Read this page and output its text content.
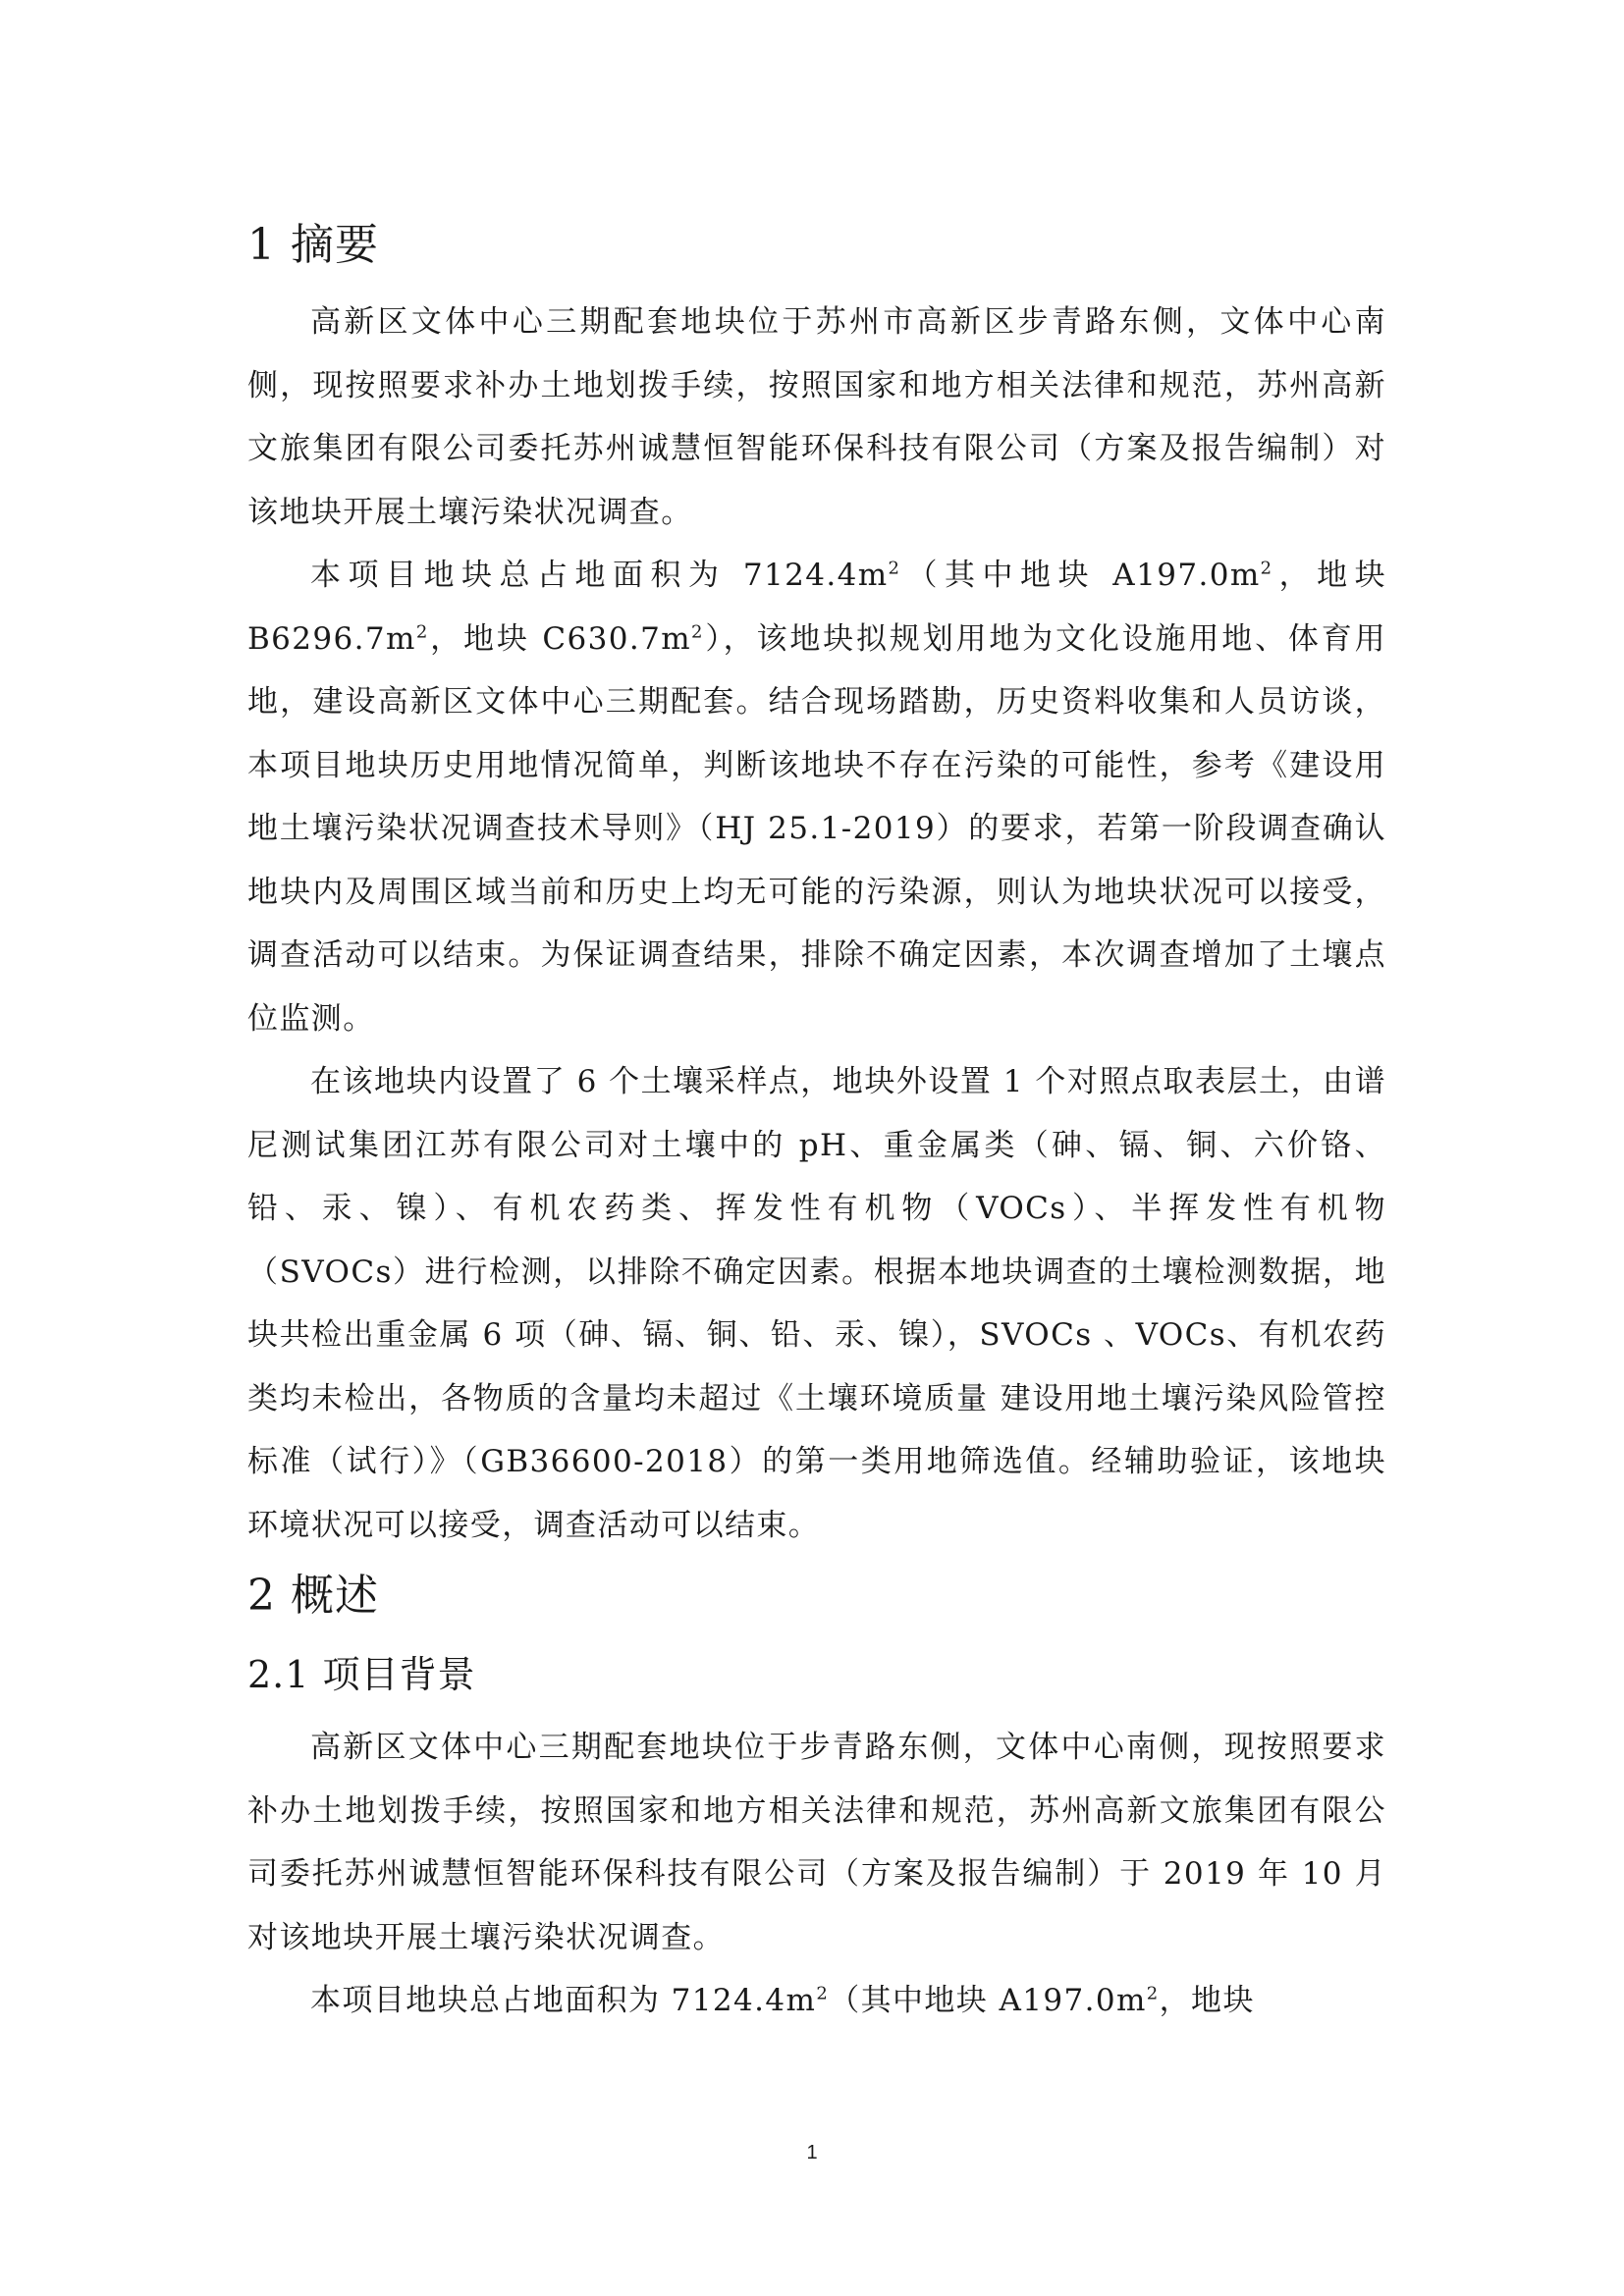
1 摘要

高新区文体中心三期配套地块位于苏州市高新区步青路东侧，文体中心南侧，现按照要求补办土地划拨手续，按照国家和地方相关法律和规范，苏州高新文旅集团有限公司委托苏州诚慧恒智能环保科技有限公司（方案及报告编制）对该地块开展土壤污染状况调查。

本项目地块总占地面积为 $7124.4m^2$（其中地块 $A197.0m^2$，地块 $B6296.7m^2$，地块 $C630.7m^2$），该地块拟规划用地为文化设施用地、体育用地，建设高新区文体中心三期配套。结合现场踏勘，历史资料收集和人员访谈，本项目地块历史用地情况简单，判断该地块不存在污染的可能性，参考《建设用地土壤污染状况调查技术导则》（HJ 25.1-2019）的要求，若第一阶段调查确认地块内及周围区域当前和历史上均无可能的污染源，则认为地块状况可以接受，调查活动可以结束。为保证调查结果，排除不确定因素，本次调查增加了土壤点位监测。

在该地块内设置了 6 个土壤采样点，地块外设置 1 个对照点取表层土，由谱尼测试集团江苏有限公司对土壤中的 pH、重金属类（砷、镉、铜、六价铬、铅、汞、镍）、有机农药类、挥发性有机物（VOCs）、半挥发性有机物（SVOCs）进行检测，以排除不确定因素。根据本地块调查的土壤检测数据，地块共检出重金属 6 项（砷、镉、铜、铅、汞、镍），SVOCs 、VOCs、有机农药类均未检出，各物质的含量均未超过《土壤环境质量 建设用地土壤污染风险管控标准（试行）》（GB36600-2018）的第一类用地筛选值。经辅助验证，该地块环境状况可以接受，调查活动可以结束。

2 概述
2.1 项目背景

高新区文体中心三期配套地块位于步青路东侧，文体中心南侧，现按照要求补办土地划拨手续，按照国家和地方相关法律和规范，苏州高新文旅集团有限公司委托苏州诚慧恒智能环保科技有限公司（方案及报告编制）于 2019 年 10 月对该地块开展土壤污染状况调查。

本项目地块总占地面积为 $7124.4m^2$（其中地块 $A197.0m^2$，地块

1
